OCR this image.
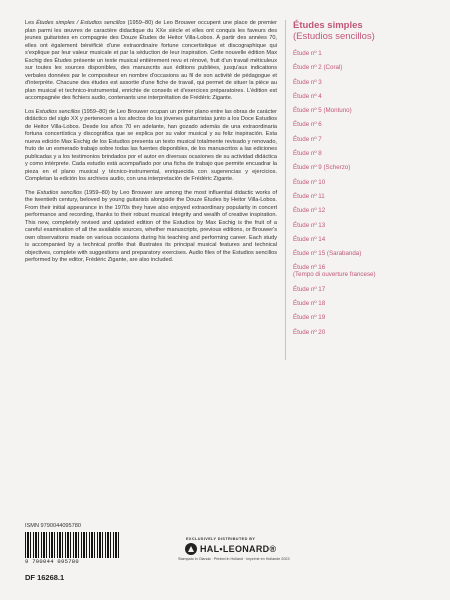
Les Études simples / Estudios sencillos (1959–80) de Leo Brouwer occupent une place de premier plan parmi les œuvres de caractère didactique du XXe siècle et elles ont conquis les faveurs des jeunes guitaristes en compagnie des Douze Études de Heitor Villa-Lobos. À partir des années 70, elles ont également bénéficié d'une extraordinaire fortune concertistique et discographique qui s'explique par leur valeur musicale et par la séduction de leur inspiration. Cette nouvelle édition Max Eschig des Études présente un texte musical entièrement revu et rénové, fruit d'un travail méticuleux sur toutes les sources disponibles, des manuscrits aux éditions publiées, jusqu'aux indications verbales données par le compositeur en nombre d'occasions au fil de son activité de pédagogue et d'interprète. Chacune des études est assortie d'une fiche de travail, qui permet de situer la pièce au plan musical et technico-instrumental, enrichie de conseils et d'exercices préparatoires. L'édition est accompagnée des fichiers audio, contenants une interprétation de Frédéric Zigante.

Los Estudios sencillos (1959–80) de Leo Brouwer ocupan un primer plano entre las obras de carácter didáctico del siglo XX y pertenecen a los afectos de los jóvenes guitarristas junto a los Doce Estudios de Heitor Villa-Lobos. Desde los años 70 en adelante, han gozado además de una extraordinaria fortuna concertística y discográfica que se explica por su valor musical y su feliz inspiración. Esta nueva edición Max Eschig de los Estudios presenta un texto musical totalmente revisado y renovado, fruto de un esmerado trabajo sobre todas las fuentes disponibles, de los manuscritos a las ediciones publicadas y a los testimonios brindados por el autor en diversas ocasiones de su actividad didáctica y como intérprete. Cada estudio está acompañado por una ficha de trabajo que permite encuadrar la pieza en el plano musical y técnico-instrumental, enriquecida con sugerencias y ejercicios. Completan la edición los archivos audio, con una interpretación de Frédéric Zigante.

The Estudios sencillos (1959–80) by Leo Brouwer are among the most influential didactic works of the twentieth century, beloved by young guitarists alongside the Douze Études by Heitor Villa-Lobos. From their initial appearance in the 1970s they have also enjoyed extraordinary popularity in concert performance and recording, thanks to their robust musical integrity and wealth of creative inspiration. This new, completely revised and updated edition of the Estudios by Max Eschig is the fruit of a careful examination of all the available sources, whether manuscripts, previous editions, or Brouwer's own observations made on various occasions during his teaching and performing career. Each study is accompanied by a technical profile that illustrates its principal musical features and technical objectives, complete with suggestions and preparatory exercises. Audio files of the Estudios sencillos performed by the editor, Frédéric Zigante, are also included.

Études simples

(Estudios sencillos)

Étude nº 1
Étude nº 2 (Coral)
Étude nº 3
Étude nº 4
Étude nº 5 (Montuno)
Étude nº 6
Étude nº 7
Étude nº 8
Étude nº 9 (Scherzo)
Étude nº 10
Étude nº 11
Étude nº 12
Étude nº 13
Étude nº 14
Étude nº 15 (Sarabanda)
Étude nº 16
(Tempo di ouverture francese)
Étude nº 17
Étude nº 18
Étude nº 19
Étude nº 20
ISMN 9790044095780
9 790044 095780
DF 16268.1
EXCLUSIVELY DISTRIBUTED BY
HAL•LEONARD®
Stampato in Olanda · Printed in Holland · Imprimé en Hollande 2023
